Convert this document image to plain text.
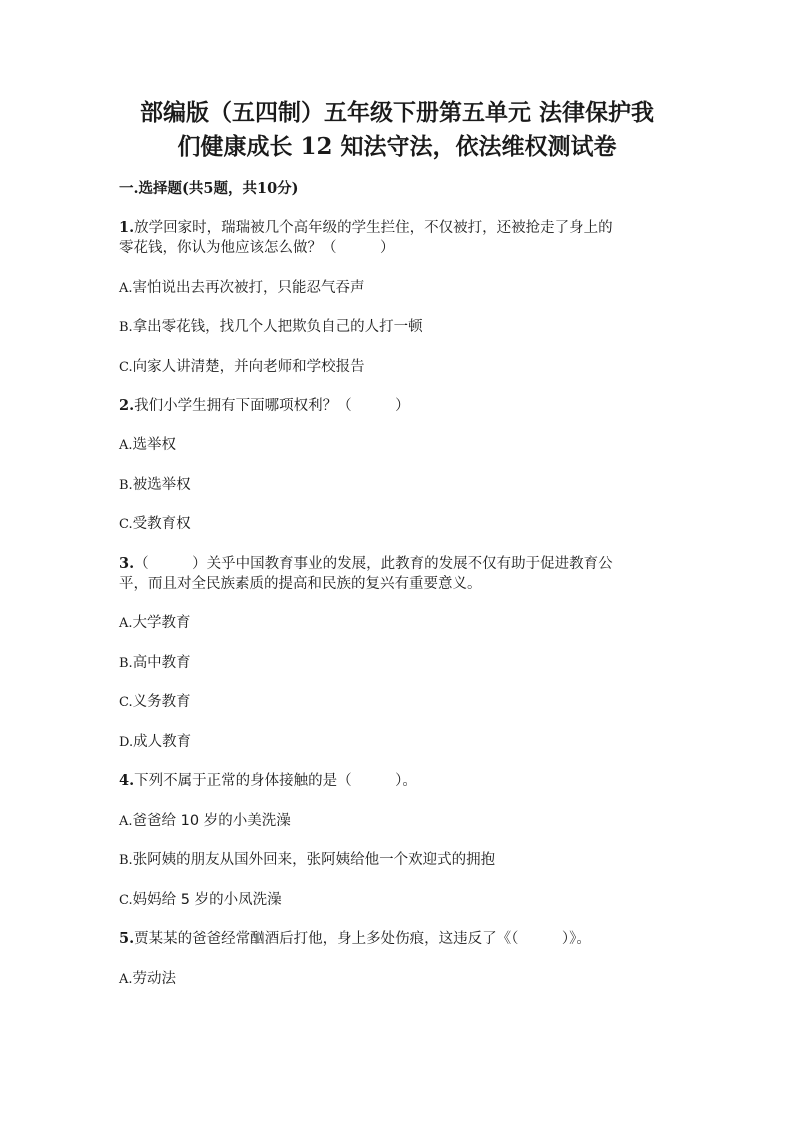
部编版（五四制）五年级下册第五单元 法律保护我
们健康成长 12 知法守法，依法维权测试卷

一.选择题(共5题，共10分)

1.放学回家时，瑞瑞被几个高年级的学生拦住，不仅被打，还被抢走了身上的
零花钱，你认为他应该怎么做？（　　　）

A.害怕说出去再次被打，只能忍气吞声

B.拿出零花钱，找几个人把欺负自己的人打一顿

C.向家人讲清楚，并向老师和学校报告

2.我们小学生拥有下面哪项权利？（　　　）

A.选举权

B.被选举权

C.受教育权

3.（　　　）关乎中国教育事业的发展，此教育的发展不仅有助于促进教育公
平，而且对全民族素质的提高和民族的复兴有重要意义。

A.大学教育

B.高中教育

C.义务教育

D.成人教育

4.下列不属于正常的身体接触的是（　　　）。

A.爸爸给 10 岁的小美洗澡

B.张阿姨的朋友从国外回来，张阿姨给他一个欢迎式的拥抱

C.妈妈给 5 岁的小凤洗澡

5.贾某某的爸爸经常酗酒后打他，身上多处伤痕，这违反了《（　　　）》。

A.劳动法
